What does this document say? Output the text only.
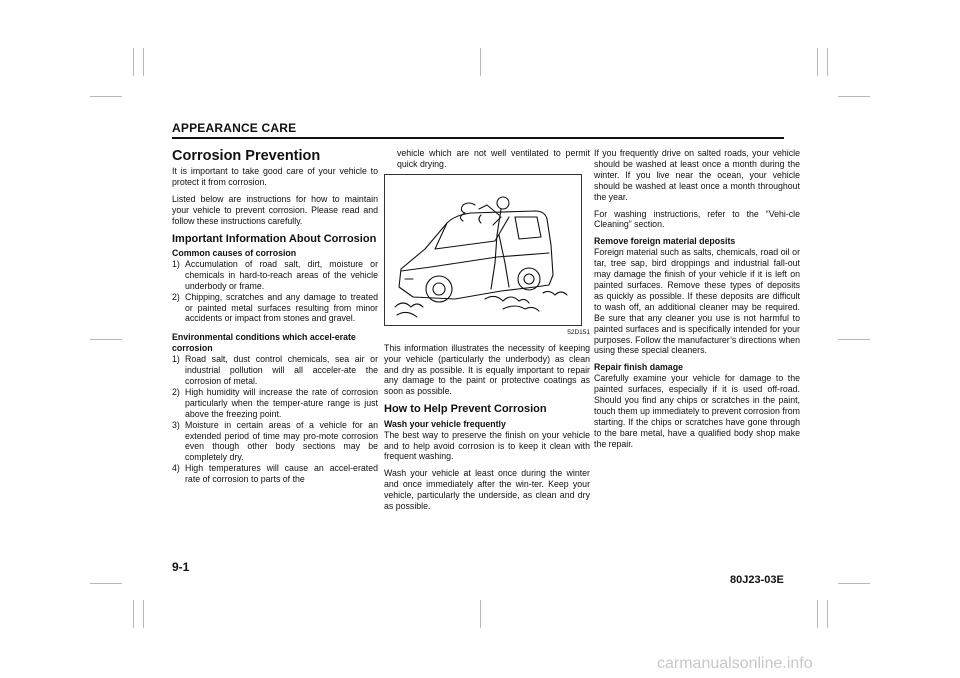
APPEARANCE CARE
Corrosion Prevention

It is important to take good care of your vehicle to protect it from corrosion.

Listed below are instructions for how to maintain your vehicle to prevent corrosion. Please read and follow these instructions carefully.

Important Information About Corrosion
Common causes of corrosion
1) Accumulation of road salt, dirt, moisture or chemicals in hard-to-reach areas of the vehicle underbody or frame.
2) Chipping, scratches and any damage to treated or painted metal surfaces resulting from minor accidents or impact from stones and gravel.
Environmental conditions which accel-erate corrosion
1) Road salt, dust control chemicals, sea air or industrial pollution will all acceler-ate the corrosion of metal.
2) High humidity will increase the rate of corrosion particularly when the temper-ature range is just above the freezing point.
3) Moisture in certain areas of a vehicle for an extended period of time may pro-mote corrosion even though other body sections may be completely dry.
4) High temperatures will cause an accel-erated rate of corrosion to parts of the

vehicle which are not well ventilated to permit quick drying.

52D151

This information illustrates the necessity of keeping your vehicle (particularly the underbody) as clean and dry as possible. It is equally important to repair any damage to the paint or protective coatings as soon as possible.

How to Help Prevent Corrosion
Wash your vehicle frequently

The best way to preserve the finish on your vehicle and to help avoid corrosion is to keep it clean with frequent washing.

Wash your vehicle at least once during the winter and once immediately after the win-ter. Keep your vehicle, particularly the underside, as clean and dry as possible.

If you frequently drive on salted roads, your vehicle should be washed at least once a month during the winter. If you live near the ocean, your vehicle should be washed at least once a month throughout the year.

For washing instructions, refer to the “Vehi-cle Cleaning” section.

Remove foreign material deposits

Foreign material such as salts, chemicals, road oil or tar, tree sap, bird droppings and industrial fall-out may damage the finish of your vehicle if it is left on painted surfaces. Remove these types of deposits as quickly as possible. If these deposits are difficult to wash off, an additional cleaner may be required. Be sure that any cleaner you use is not harmful to painted surfaces and is specifically intended for your purposes. Follow the manufacturer’s directions when using these special cleaners.

Repair finish damage

Carefully examine your vehicle for damage to the painted surfaces, especially if it is used off-road. Should you find any chips or scratches in the paint, touch them up immediately to prevent corrosion from starting. If the chips or scratches have gone through to the bare metal, have a qualified body shop make the repair.

9-1
80J23-03E
carmanualsonline.info
